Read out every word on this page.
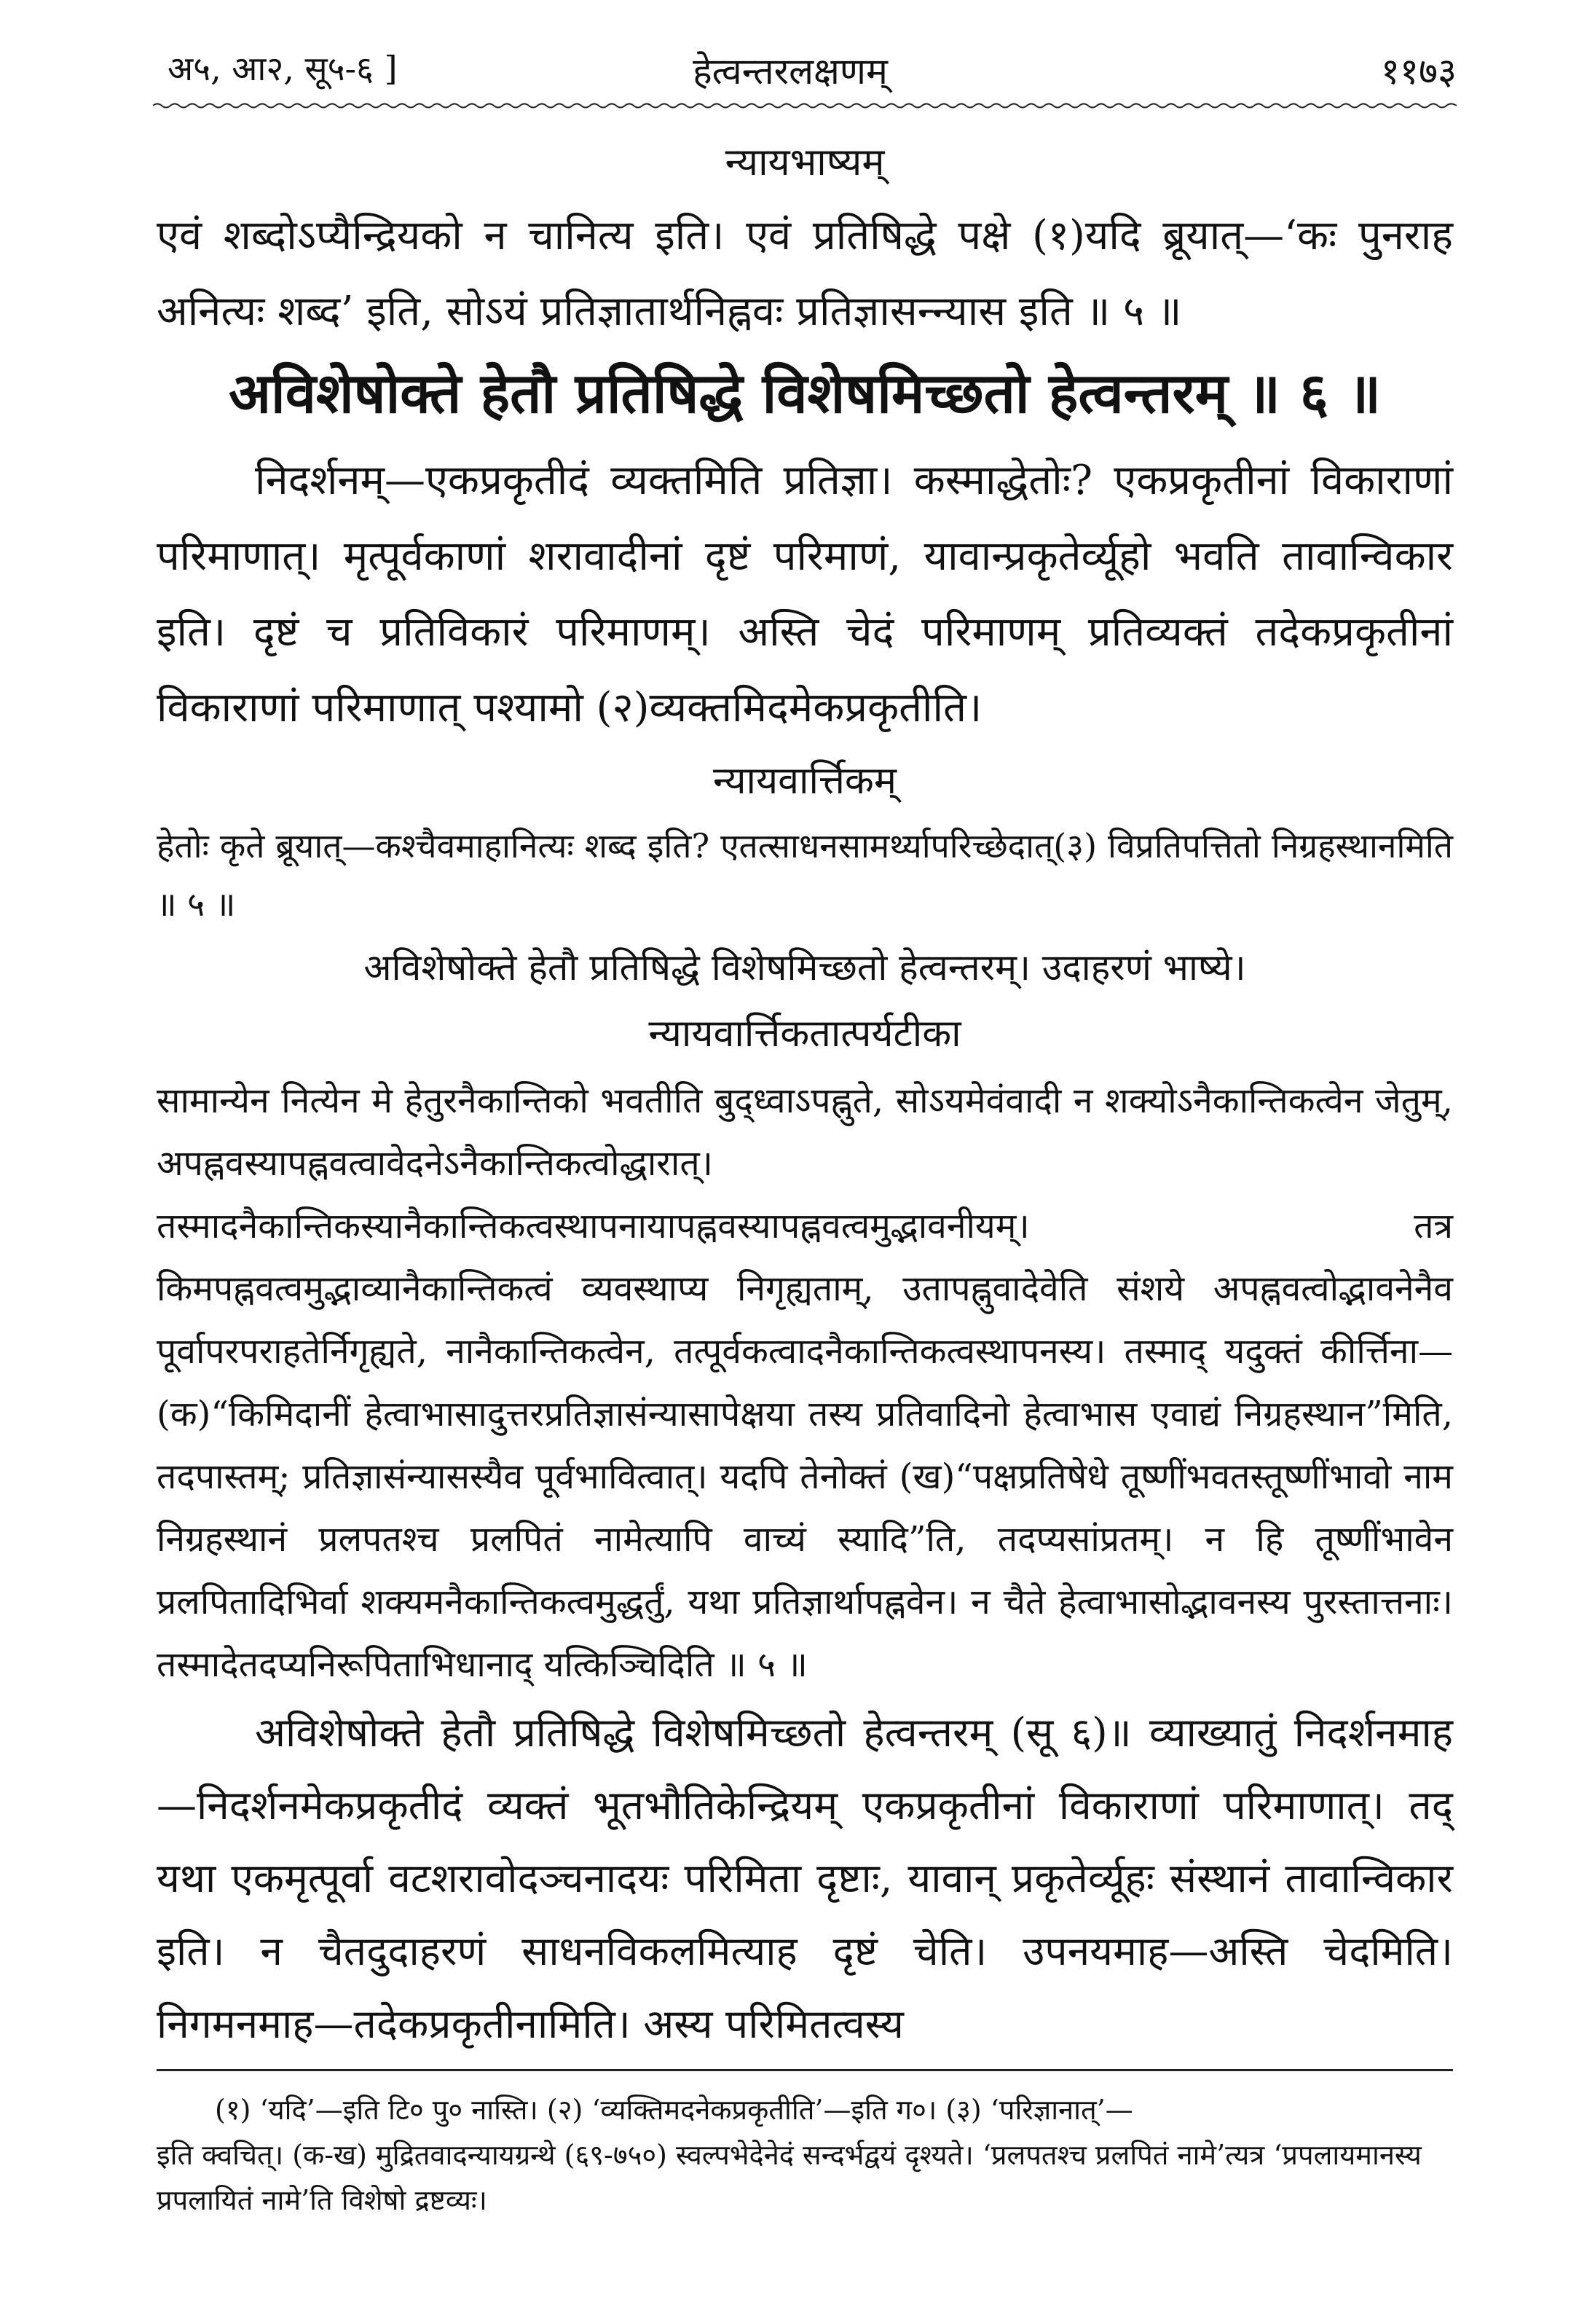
अ५, आ२, सू५-६ ]	हेत्वन्तरलक्षणम्	११७३
न्यायभाष्यम्
एवं शब्दोऽप्यैन्द्रियको न चानित्य इति। एवं प्रतिषिद्धे पक्षे (१)यदि ब्रूयात्—‘कः पुनराह अनित्यः शब्द’ इति, सोऽयं प्रतिज्ञातार्थनिह्नवः प्रतिज्ञासन्न्यास इति ॥ ५ ॥
अविशेषोक्ते हेतौ प्रतिषिद्धे विशेषमिच्छतो हेत्वन्तरम् ॥ ६ ॥
निदर्शनम्—एकप्रकृतीदं व्यक्तमिति प्रतिज्ञा। कस्माद्धेतोः? एकप्रकृतीनां विकाराणां परिमाणात्। मृत्पूर्वकाणां शरावादीनां दृष्टं परिमाणं, यावान्प्रकृतेर्व्यूहो भवति तावान्विकार इति। दृष्टं च प्रतिविकारं परिमाणम्। अस्ति चेदं परिमाणम् प्रतिव्यक्तं तदेकप्रकृतीनां विकाराणां परिमाणात् पश्यामो (२)व्यक्तमिदमेकप्रकृतीति।
न्यायवार्त्तिकम्
हेतोः कृते ब्रूयात्—कश्चैवमाहानित्यः शब्द इति? एतत्साधनसामर्थ्यापरिच्छेदात्(३) विप्रतिपत्तितो निग्रहस्थानमिति ॥ ५ ॥
अविशेषोक्ते हेतौ प्रतिषिद्धे विशेषमिच्छतो हेत्वन्तरम्। उदाहरणं भाष्ये।
न्यायवार्त्तिकतात्पर्यटीका
सामान्येन नित्येन मे हेतुरनैकान्तिको भवतीति बुद्ध्वाऽपह्नुते, सोऽयमेवंवादी न शक्योऽनैकान्तिकत्वेन जेतुम्, अपह्नवस्यापह्नवत्वावेदनेऽनैकान्तिकत्वोद्धारात्। तस्मादनैकान्तिकस्यानैकान्तिकत्वस्थापनायापह्नवस्यापह्नवत्वमुद्भावनीयम्। तत्र किमपह्नवत्वमुद्भाव्यानैकान्तिकत्वं व्यवस्थाप्य निगृह्यताम्, उतापह्नुवादेवेति संशये अपह्नवत्वोद्भावनेनैव पूर्वापरपराहतेर्निगृह्यते, नानैकान्तिकत्वेन, तत्पूर्वकत्वादनैकान्तिकत्वस्थापनस्य। तस्माद् यदुक्तं कीर्त्तिना—(क)“किमिदानीं हेत्वाभासादुत्तरप्रतिज्ञासंन्यासापेक्षया तस्य प्रतिवादिनो हेत्वाभास एवाद्यं निग्रहस्थान”मिति, तदपास्तम्; प्रतिज्ञासंन्यासस्यैव पूर्वभावित्वात्। यदपि तेनोक्तं (ख)“पक्षप्रतिषेधे तूष्णींभवतस्तूष्णींभावो नाम निग्रहस्थानं प्रलपतश्च प्रलपितं नामेत्यापि वाच्यं स्यादि”ति, तदप्यसांप्रतम्। न हि तूष्णींभावेन प्रलपितादिभिर्वा शक्यमनैकान्तिकत्वमुद्धर्तुं, यथा प्रतिज्ञार्थापह्नवेन। न चैते हेत्वाभासोद्भावनस्य पुरस्तात्तनाः। तस्मादेतदप्यनिरूपिताभिधानाद् यत्किञ्चिदिति ॥ ५ ॥
अविशेषोक्ते हेतौ प्रतिषिद्धे विशेषमिच्छतो हेत्वन्तरम् (सू ६)॥ व्याख्यातुं निदर्शनमाह—निदर्शनमेकप्रकृतीदं व्यक्तं भूतभौतिकेन्द्रियम् एकप्रकृतीनां विकाराणां परिमाणात्। तद् यथा एकमृत्पूर्वा वटशरावोदञ्चनादयः परिमिता दृष्टाः, यावान् प्रकृतेर्व्यूहः संस्थानं तावान्विकार इति। न चैतदुदाहरणं साधनविकलमित्याह दृष्टं चेति। उपनयमाह—अस्ति चेदमिति। निगमनमाह—तदेकप्रकृतीनामिति। अस्य परिमितत्वस्य
(१) ‘यदि’—इति टि० पु० नास्ति। (२) ‘व्यक्तिमदनेकप्रकृतीति’—इति ग०। (३) ‘परिज्ञानात्’—
इति क्वचित्। (क-ख) मुद्रितवादन्यायग्रन्थे (६९-७५०) स्वल्पभेदेनेदं सन्दर्भद्वयं दृश्यते। ‘प्रलपतश्च प्रलपितं नामे’त्यत्र ‘प्रपलायमानस्य प्रपलायितं नामे’ति विशेषो द्रष्टव्यः।
